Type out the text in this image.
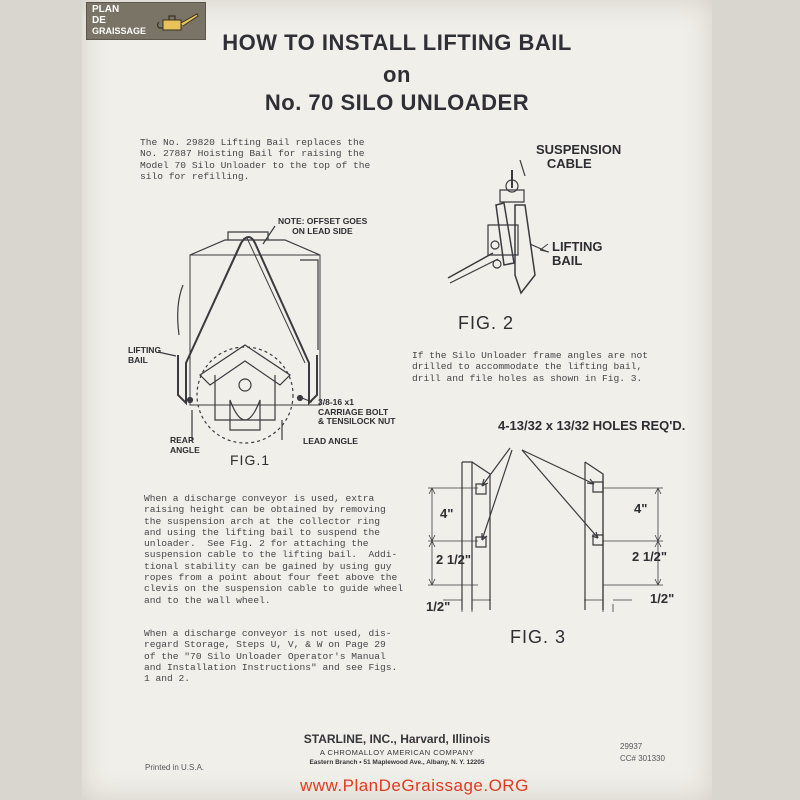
PLAN
DE
GRAISSAGE	HOW TO INSTALL LIFTING BAIL
on
No. 70 SILO UNLOADER
The No. 29820 Lifting Bail replaces the
No. 27887 Hoisting Bail for raising the
Model 70 Silo Unloader to the top of the
silo for refilling.
NOTE: OFFSET GOES
ON LEAD SIDE
LIFTING
BAIL
3/8-16 x1
CARRIAGE BOLT
& TENSILOCK NUT
REAR
ANGLE
LEAD ANGLE
FIG.1
SUSPENSION
CABLE
LIFTING
BAIL
FIG. 2
If the Silo Unloader frame angles are not
drilled to accommodate the lifting bail,
drill and file holes as shown in Fig. 3.
4-13/32 x 13/32 HOLES REQ'D.
4"
2 1/2"
1/2"
4"
2 1/2"
1/2"
FIG. 3
When a discharge conveyor is used, extra
raising height can be obtained by removing
the suspension arch at the collector ring
and using the lifting bail to suspend the
unloader.  See Fig. 2 for attaching the
suspension cable to the lifting bail.  Addi-
tional stability can be gained by using guy
ropes from a point about four feet above the
clevis on the suspension cable to guide wheel
and to the wall wheel.
When a discharge conveyor is not used, dis-
regard Storage, Steps U, V, & W on Page 29
of the "70 Silo Unloader Operator's Manual
and Installation Instructions" and see Figs.
1 and 2.
STARLINE, INC., Harvard, Illinois
A CHROMALLOY AMERICAN COMPANY
Eastern Branch • 51 Maplewood Ave., Albany, N. Y. 12205
Printed in U.S.A.
29937
CC# 301330
www.PlanDeGraissage.ORG
